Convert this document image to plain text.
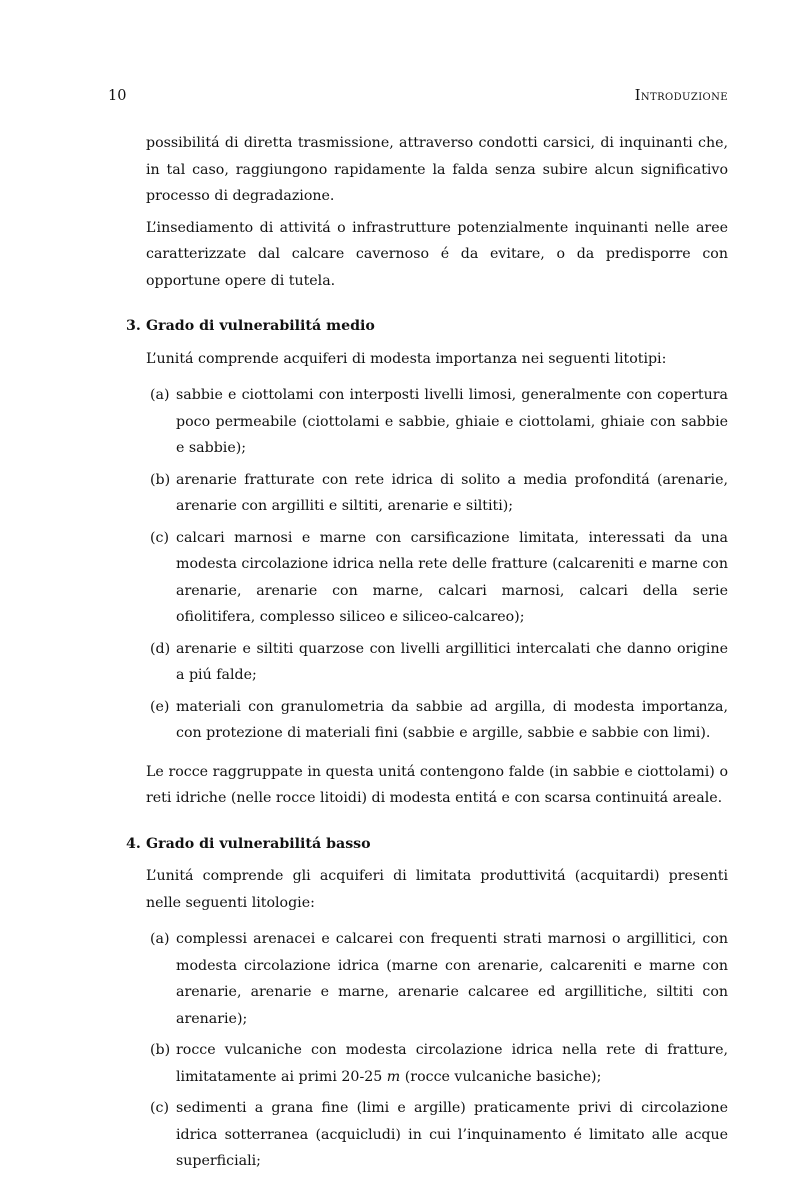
10	Introduzione

possibilitá di diretta trasmissione, attraverso condotti carsici, di inquinanti che, in tal caso, raggiungono rapidamente la falda senza subire alcun significativo processo di degradazione.

L’insediamento di attivitá o infrastrutture potenzialmente inquinanti nelle aree caratterizzate dal calcare cavernoso é da evitare, o da predisporre con opportune opere di tutela.

3. Grado di vulnerabilitá medio

L’unitá comprende acquiferi di modesta importanza nei seguenti litotipi:

(a) sabbie e ciottolami con interposti livelli limosi, generalmente con copertura poco permeabile (ciottolami e sabbie, ghiaie e ciottolami, ghiaie con sabbie e sabbie);
(b) arenarie fratturate con rete idrica di solito a media profonditá (arenarie, arenarie con argilliti e siltiti, arenarie e siltiti);
(c) calcari marnosi e marne con carsificazione limitata, interessati da una modesta circolazione idrica nella rete delle fratture (calcareniti e marne con arenarie, arenarie con marne, calcari marnosi, calcari della serie ofiolitifera, complesso siliceo e siliceo-calcareo);
(d) arenarie e siltiti quarzose con livelli argillitici intercalati che danno origine a piú falde;
(e) materiali con granulometria da sabbie ad argilla, di modesta importanza, con protezione di materiali fini (sabbie e argille, sabbie e sabbie con limi).

Le rocce raggruppate in questa unitá contengono falde (in sabbie e ciottolami) o reti idriche (nelle rocce litoidi) di modesta entitá e con scarsa continuitá areale.

4. Grado di vulnerabilitá basso

L’unitá comprende gli acquiferi di limitata produttivitá (acquitardi) presenti nelle seguenti litologie:

(a) complessi arenacei e calcarei con frequenti strati marnosi o argillitici, con modesta circolazione idrica (marne con arenarie, calcareniti e marne con arenarie, arenarie e marne, arenarie calcaree ed argillitiche, siltiti con arenarie);
(b) rocce vulcaniche con modesta circolazione idrica nella rete di fratture, limitatamente ai primi 20-25 m (rocce vulcaniche basiche);
(c) sedimenti a grana fine (limi e argille) praticamente privi di circolazione idrica sotterranea (acquicludi) in cui l’inquinamento é limitato alle acque superficiali;
